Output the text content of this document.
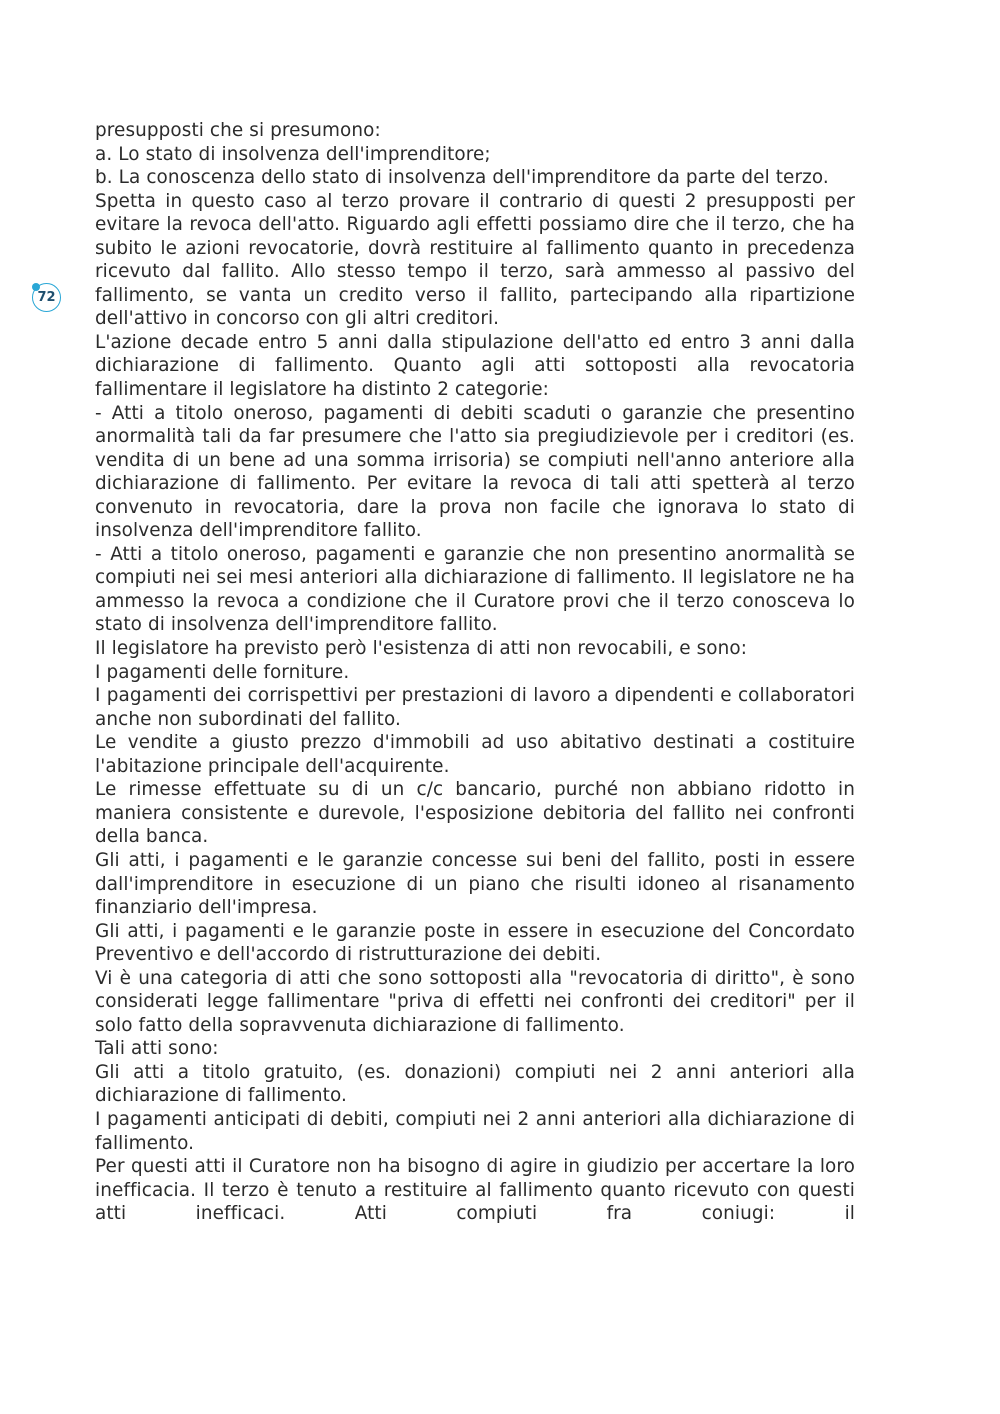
72

presupposti che si presumono:

a. Lo stato di insolvenza dell'imprenditore;

b. La conoscenza dello stato di insolvenza dell'imprenditore da parte del terzo.

Spetta in questo caso al terzo provare il contrario di questi 2 presupposti per evitare la revoca dell'atto. Riguardo agli effetti possiamo dire che il terzo, che ha subito le azioni revocatorie, dovrà restituire al fallimento quanto in precedenza ricevuto dal fallito. Allo stesso tempo il terzo, sarà ammesso al passivo del fallimento, se vanta un credito verso il fallito, partecipando alla ripartizione dell'attivo in concorso con gli altri creditori.

L'azione decade entro 5 anni dalla stipulazione dell'atto ed entro 3 anni dalla dichiarazione di fallimento. Quanto agli atti sottoposti alla revocatoria fallimentare il legislatore ha distinto 2 categorie:

- Atti a titolo oneroso, pagamenti di debiti scaduti o garanzie che presentino anormalità tali da far presumere che l'atto sia pregiudizievole per i creditori (es. vendita di un bene ad una somma irrisoria) se compiuti nell'anno anteriore alla dichiarazione di fallimento. Per evitare la revoca di tali atti spetterà al terzo convenuto in revocatoria, dare la prova non facile che ignorava lo stato di insolvenza dell'imprenditore fallito.

- Atti a titolo oneroso, pagamenti e garanzie che non presentino anormalità se compiuti nei sei mesi anteriori alla dichiarazione di fallimento. Il legislatore ne ha ammesso la revoca a condizione che il Curatore provi che il terzo conosceva lo stato di insolvenza dell'imprenditore fallito.

Il legislatore ha previsto però l'esistenza di atti non revocabili, e sono:

I pagamenti delle forniture.

I pagamenti dei corrispettivi per prestazioni di lavoro a dipendenti e collaboratori anche non subordinati del fallito.

Le vendite a giusto prezzo d'immobili ad uso abitativo destinati a costituire l'abitazione principale dell'acquirente.

Le rimesse effettuate su di un c/c bancario, purché non abbiano ridotto in maniera consistente e durevole, l'esposizione debitoria del fallito nei confronti della banca.

Gli atti, i pagamenti e le garanzie concesse sui beni del fallito, posti in essere dall'imprenditore in esecuzione di un piano che risulti idoneo al risanamento finanziario dell'impresa.

Gli atti, i pagamenti e le garanzie poste in essere in esecuzione del Concordato Preventivo e dell'accordo di ristrutturazione dei debiti.

Vi è una categoria di atti che sono sottoposti alla "revocatoria di diritto", è sono considerati legge fallimentare "priva di effetti nei confronti dei creditori" per il solo fatto della sopravvenuta dichiarazione di fallimento.

Tali atti sono:

Gli atti a titolo gratuito, (es. donazioni) compiuti nei 2 anni anteriori alla dichiarazione di fallimento.

I pagamenti anticipati di debiti, compiuti nei 2 anni anteriori alla dichiarazione di fallimento.

Per questi atti il Curatore non ha bisogno di agire in giudizio per accertare la loro inefficacia. Il terzo è tenuto a restituire al fallimento quanto ricevuto con questi atti inefficaci. Atti compiuti fra coniugi: il
